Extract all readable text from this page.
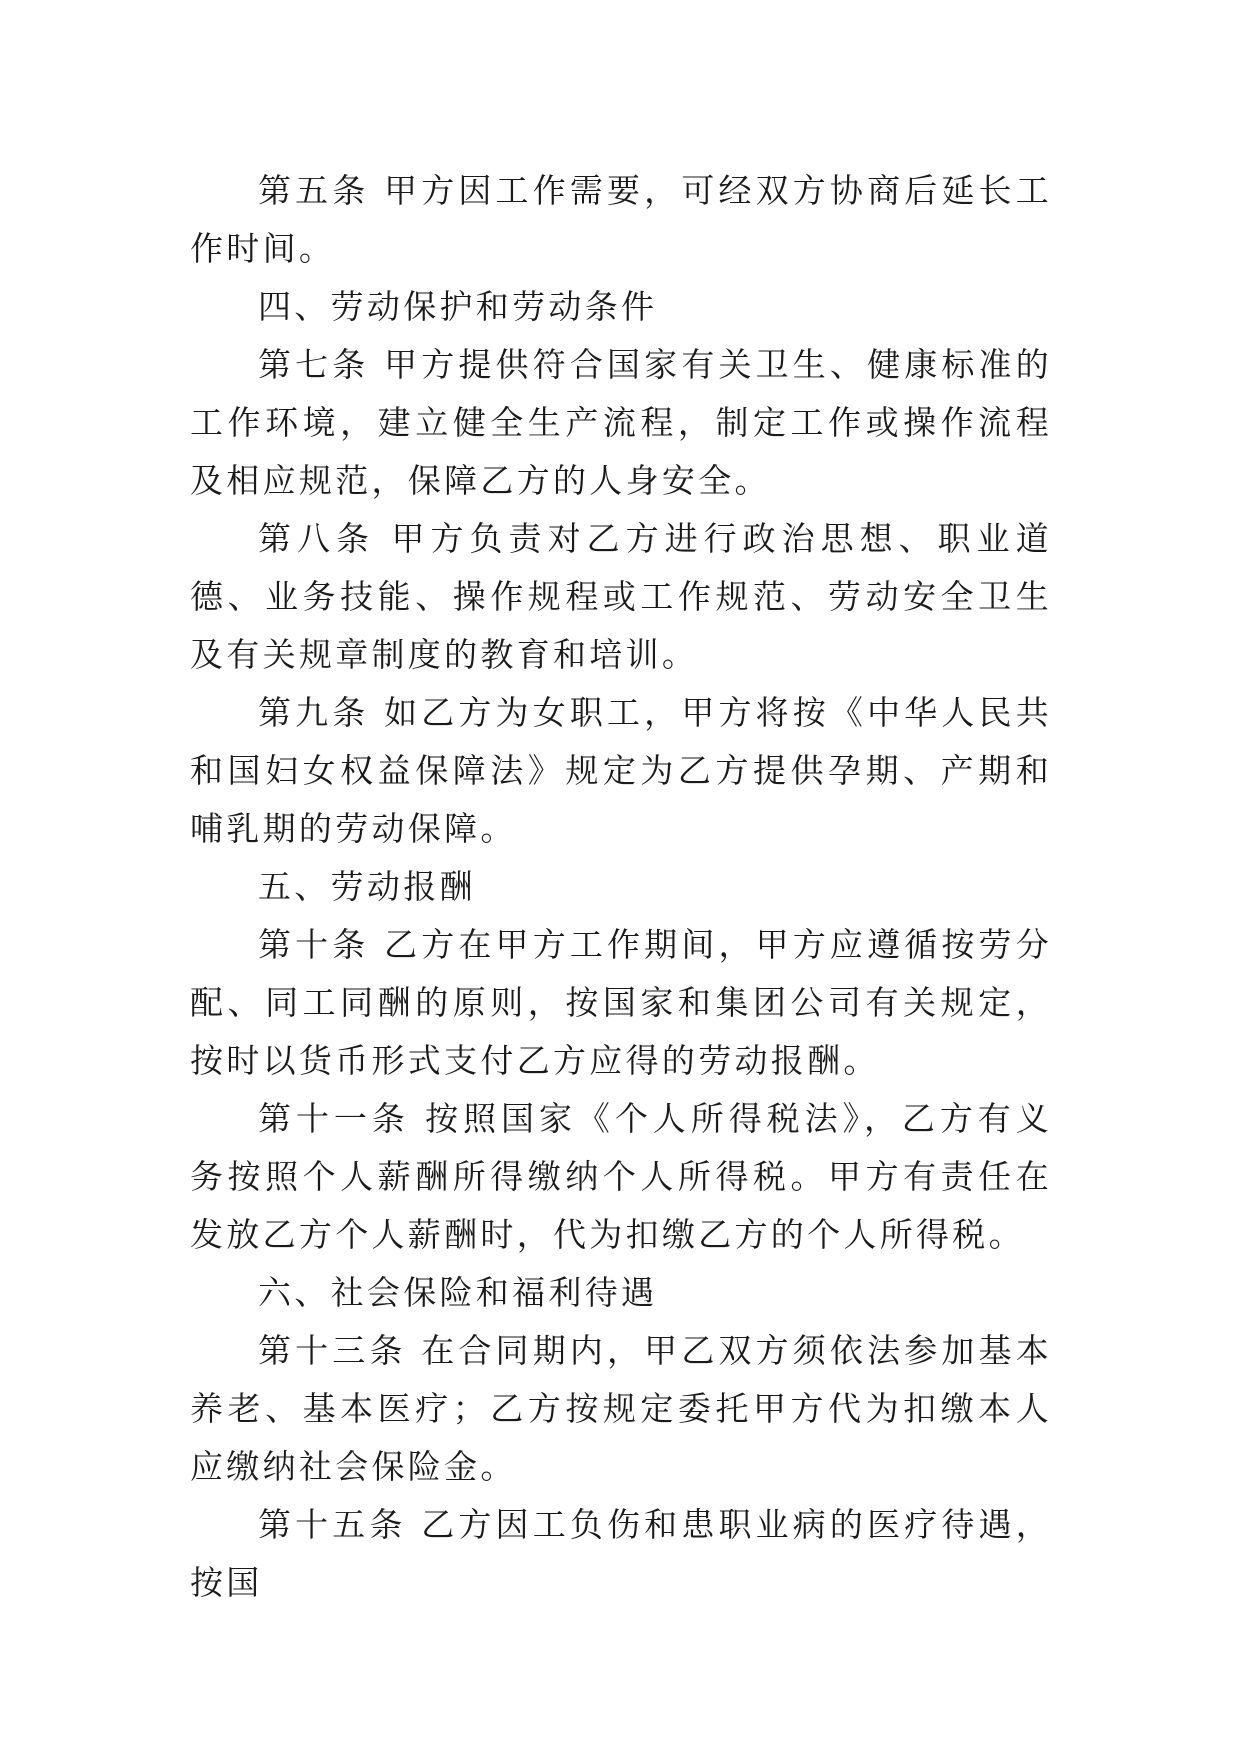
第五条 甲方因工作需要，可经双方协商后延长工作时间。

四、劳动保护和劳动条件

第七条 甲方提供符合国家有关卫生、健康标准的工作环境，建立健全生产流程，制定工作或操作流程及相应规范，保障乙方的人身安全。

第八条 甲方负责对乙方进行政治思想、职业道德、业务技能、操作规程或工作规范、劳动安全卫生及有关规章制度的教育和培训。

第九条 如乙方为女职工，甲方将按《中华人民共和国妇女权益保障法》规定为乙方提供孕期、产期和哺乳期的劳动保障。

五、劳动报酬

第十条 乙方在甲方工作期间，甲方应遵循按劳分配、同工同酬的原则，按国家和集团公司有关规定，按时以货币形式支付乙方应得的劳动报酬。

第十一条 按照国家《个人所得税法》，乙方有义务按照个人薪酬所得缴纳个人所得税。甲方有责任在发放乙方个人薪酬时，代为扣缴乙方的个人所得税。

六、社会保险和福利待遇

第十三条 在合同期内，甲乙双方须依法参加基本养老、基本医疗；乙方按规定委托甲方代为扣缴本人应缴纳社会保险金。

第十五条 乙方因工负伤和患职业病的医疗待遇，按国
